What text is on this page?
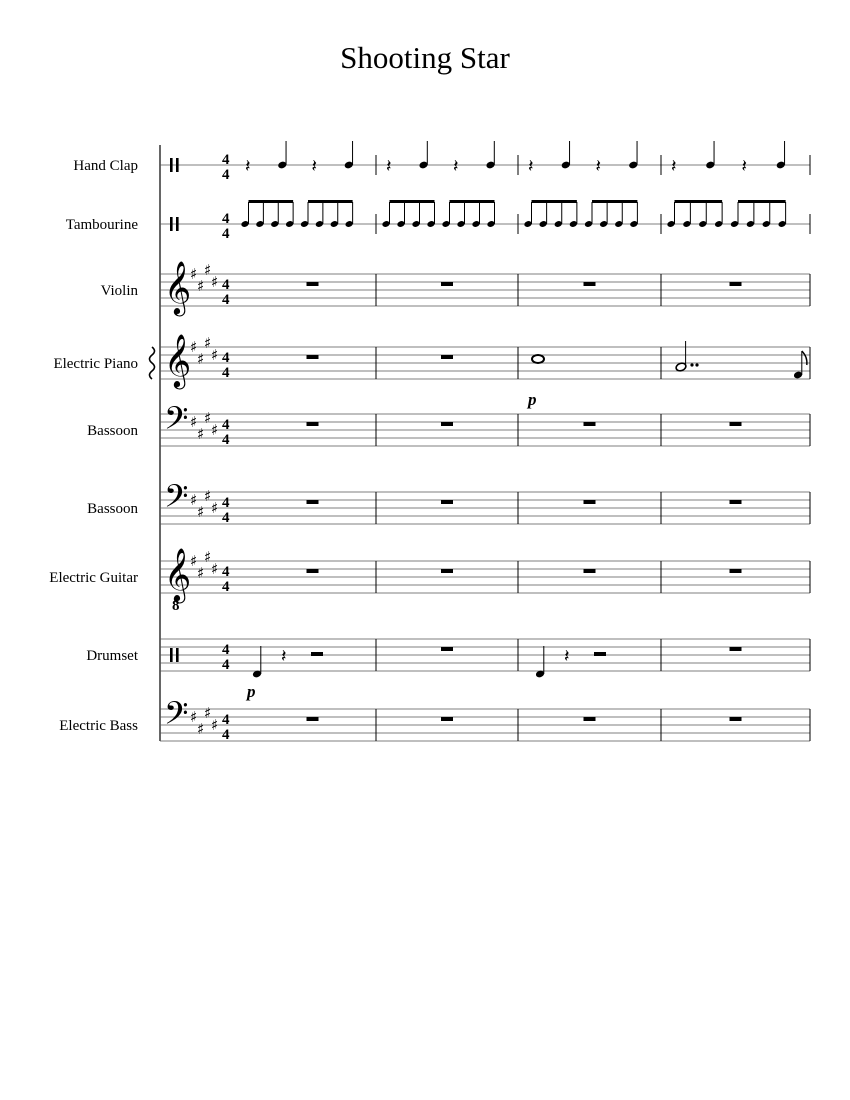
Shooting Star
Hand Clap
Tambourine
Violin
Electric Piano
Bassoon
Bassoon
Electric Guitar
Drumset
Electric Bass
4
4
4
4
𝄞
♯
♯
♯
♯ 4
4
𝄞
♯
♯
♯
♯ 4
4
𝄢 ♯
♯
♯
♯ 4
4
𝄢 ♯
♯
♯
♯ 4
4
𝄞
8
♯
♯
♯
♯ 4
4
4
4
𝄢 ♯
♯
♯
♯ 4
4
𝄽	𝄽	𝄽	𝄽	𝄽	𝄽	𝄽	𝄽
p
𝄽	𝄽
p
